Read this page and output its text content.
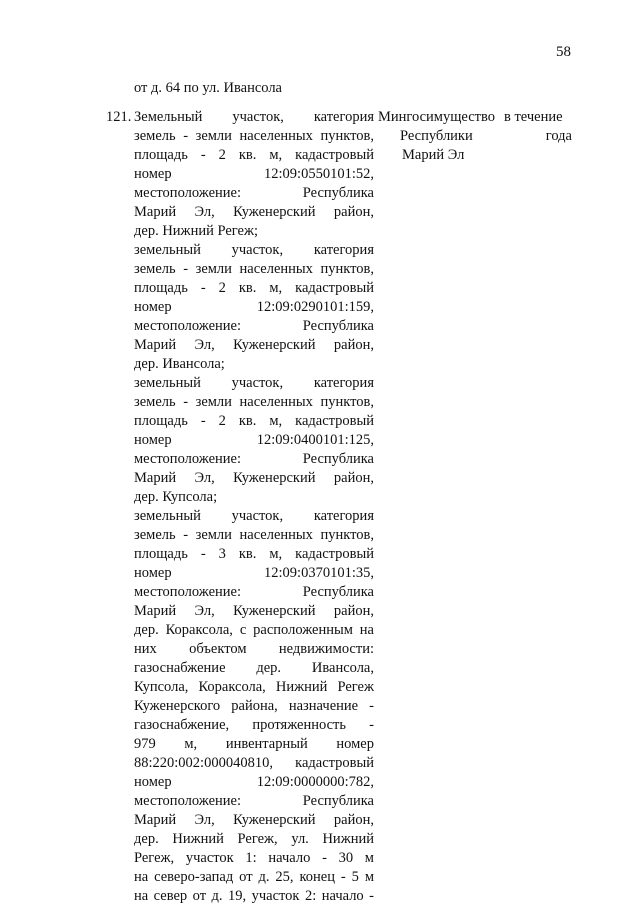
58
от д. 64 по ул. Ивансола
121. Земельный участок, категория
земель - земли населенных пунктов,
площадь - 2 кв. м, кадастровый
номер 12:09:0550101:52,
местоположение: Республика
Марий Эл, Куженерский район,
дер. Нижний Регеж;
земельный участок, категория
земель - земли населенных пунктов,
площадь - 2 кв. м, кадастровый
номер 12:09:0290101:159,
местоположение: Республика
Марий Эл, Куженерский район,
дер. Ивансола;
земельный участок, категория
земель - земли населенных пунктов,
площадь - 2 кв. м, кадастровый
номер 12:09:0400101:125,
местоположение: Республика
Марий Эл, Куженерский район,
дер. Купсола;
земельный участок, категория
земель - земли населенных пунктов,
площадь - 3 кв. м, кадастровый
номер 12:09:0370101:35,
местоположение: Республика
Марий Эл, Куженерский район,
дер. Кораксола, с расположенным на
них объектом недвижимости:
газоснабжение дер. Ивансола,
Купсола, Кораксола, Нижний Регеж
Куженерского района, назначение -
газоснабжение, протяженность -
979 м, инвентарный номер
88:220:002:000040810, кадастровый
номер 12:09:0000000:782,
местоположение: Республика
Марий Эл, Куженерский район,
дер. Нижний Регеж, ул. Нижний
Регеж, участок 1: начало - 30 м
на северо-запад от д. 25, конец - 5 м
на север от д. 19, участок 2: начало -
Мингосимущество
Республики
Марий Эл
в течение
года
